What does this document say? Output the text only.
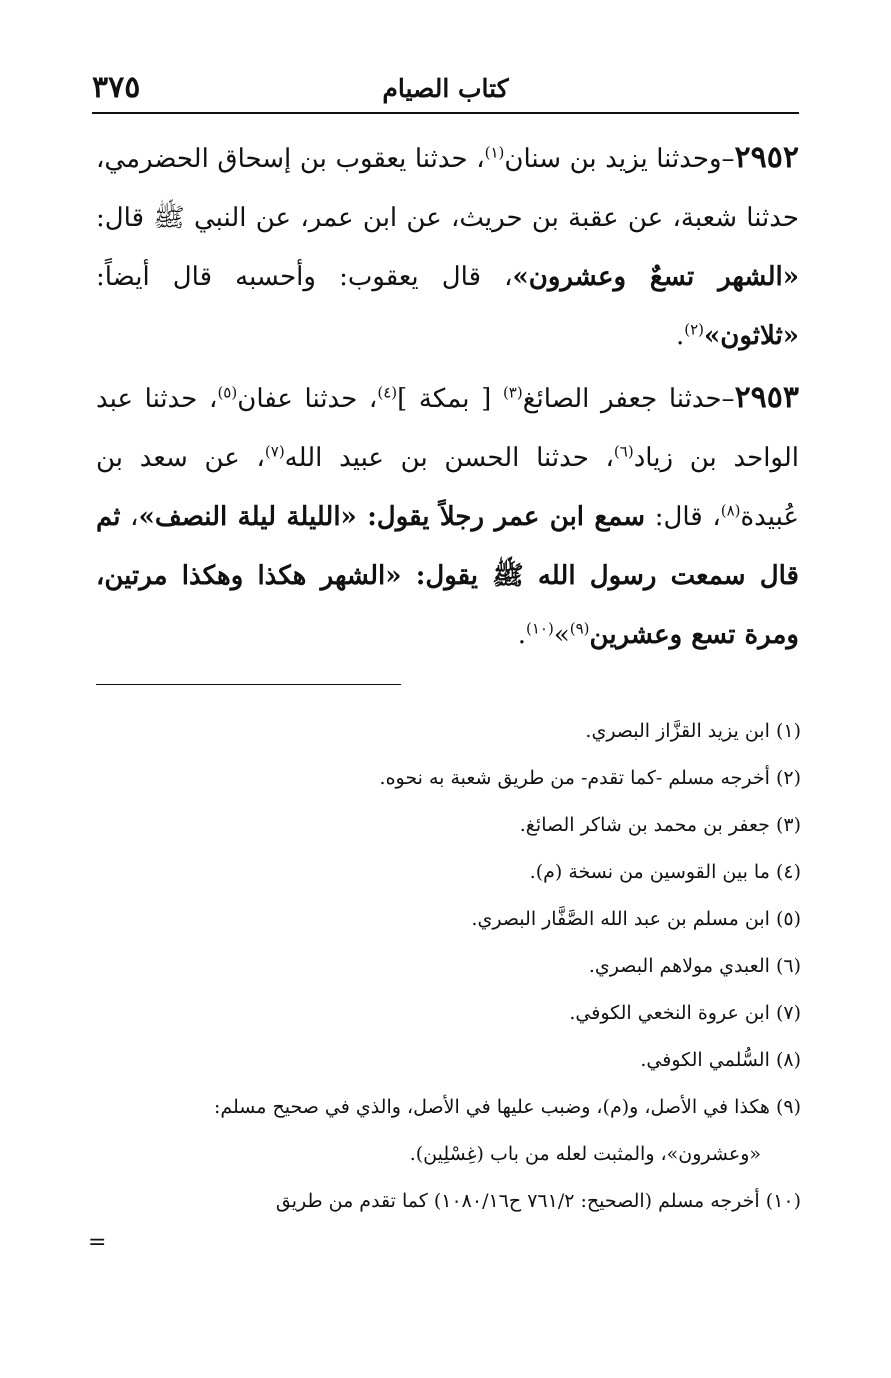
كتاب الصيام
٣٧٥

٢٩٥٢–وحدثنا يزيد بن سنان$^{(١)}$، حدثنا يعقوب بن إسحاق الحضرمي، حدثنا شعبة، عن عقبة بن حريث، عن ابن عمر، عن النبي ﷺ قال: «الشهر تسعٌ وعشرون»، قال يعقوب: وأحسبه قال أيضاً: «ثلاثون»$^{(٢)}$.

٢٩٥٣–حدثنا جعفر الصائغ$^{(٣)}$ [ بمكة ]$^{(٤)}$، حدثنا عفان$^{(٥)}$، حدثنا عبد الواحد بن زياد$^{(٦)}$، حدثنا الحسن بن عبيد الله$^{(٧)}$، عن سعد بن عُبيدة$^{(٨)}$، قال: سمع ابن عمر رجلاً يقول: «الليلة ليلة النصف»، ثم قال سمعت رسول الله ﷺ يقول: «الشهر هكذا وهكذا مرتين، ومرة تسع وعشرين$^{(٩)}$»$^{(١٠)}$.

(١) ابن يزيد القزَّاز البصري.

(٢) أخرجه مسلم -كما تقدم- من طريق شعبة به نحوه.

(٣) جعفر بن محمد بن شاكر الصائغ.

(٤) ما بين القوسين من نسخة (م).

(٥) ابن مسلم بن عبد الله الصَّفَّار البصري.

(٦) العبدي مولاهم البصري.

(٧) ابن عروة النخعي الكوفي.

(٨) السُّلمي الكوفي.

(٩) هكذا في الأصل، و(م)، وضبب عليها في الأصل، والذي في صحيح مسلم:
«وعشرون»، والمثبت لعله من باب (غِسْلِين).

(١٠) أخرجه مسلم (الصحيح: ٧٦١/٢ ح١٠٨٠/١٦) كما تقدم من طريق

=
